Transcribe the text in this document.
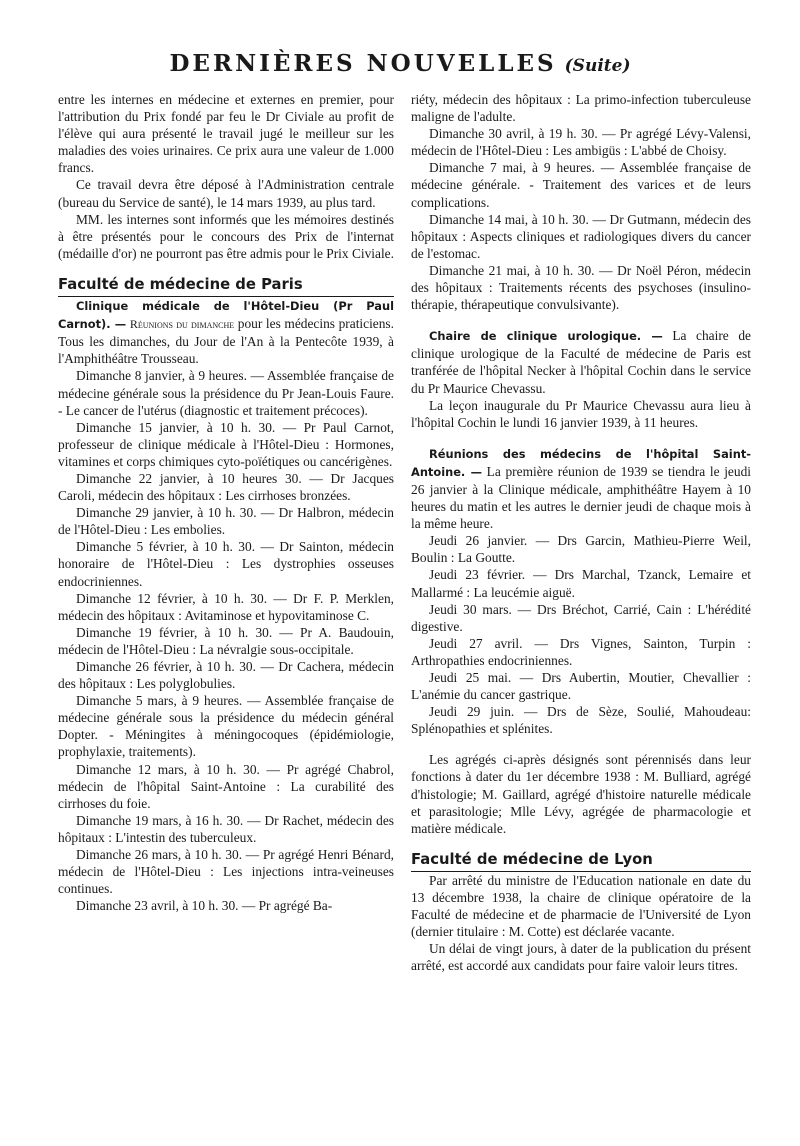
DERNIÈRES NOUVELLES (Suite)

entre les internes en médecine et externes en premier, pour l'attribution du Prix fondé par feu le Dr Civiale au profit de l'élève qui aura présenté le travail jugé le meilleur sur les maladies des voies urinaires. Ce prix aura une valeur de 1.000 francs.

Ce travail devra être déposé à l'Administration centrale (bureau du Service de santé), le 14 mars 1939, au plus tard.

MM. les internes sont informés que les mémoires destinés à être présentés pour le concours des Prix de l'internat (médaille d'or) ne pourront pas être admis pour le Prix Civiale.

Faculté de médecine de Paris

Clinique médicale de l'Hôtel-Dieu (Pr Paul Carnot). — Réunions du dimanche pour les médecins praticiens. Tous les dimanches, du Jour de l'An à la Pentecôte 1939, à l'Amphithéâtre Trousseau.

Dimanche 8 janvier, à 9 heures. — Assemblée française de médecine générale sous la présidence du Pr Jean-Louis Faure. - Le cancer de l'utérus (diagnostic et traitement précoces).

Dimanche 15 janvier, à 10 h. 30. — Pr Paul Carnot, professeur de clinique médicale à l'Hôtel-Dieu : Hormones, vitamines et corps chimiques cyto-poïétiques ou cancérigènes.

Dimanche 22 janvier, à 10 heures 30. — Dr Jacques Caroli, médecin des hôpitaux : Les cirrhoses bronzées.

Dimanche 29 janvier, à 10 h. 30. — Dr Halbron, médecin de l'Hôtel-Dieu : Les embolies.

Dimanche 5 février, à 10 h. 30. — Dr Sainton, médecin honoraire de l'Hôtel-Dieu : Les dystrophies osseuses endocriniennes.

Dimanche 12 février, à 10 h. 30. — Dr F. P. Merklen, médecin des hôpitaux : Avitaminose et hypovitaminose C.

Dimanche 19 février, à 10 h. 30. — Pr A. Baudouin, médecin de l'Hôtel-Dieu : La névralgie sous-occipitale.

Dimanche 26 février, à 10 h. 30. — Dr Cachera, médecin des hôpitaux : Les polyglobulies.

Dimanche 5 mars, à 9 heures. — Assemblée française de médecine générale sous la présidence du médecin général Dopter. - Méningites à méningocoques (épidémiologie, prophylaxie, traitements).

Dimanche 12 mars, à 10 h. 30. — Pr agrégé Chabrol, médecin de l'hôpital Saint-Antoine : La curabilité des cirrhoses du foie.

Dimanche 19 mars, à 16 h. 30. — Dr Rachet, médecin des hôpitaux : L'intestin des tuberculeux.

Dimanche 26 mars, à 10 h. 30. — Pr agrégé Henri Bénard, médecin de l'Hôtel-Dieu : Les injections intra-veineuses continues.

Dimanche 23 avril, à 10 h. 30. — Pr agrégé Ba-

riéty, médecin des hôpitaux : La primo-infection tuberculeuse maligne de l'adulte.

Dimanche 30 avril, à 19 h. 30. — Pr agrégé Lévy-Valensi, médecin de l'Hôtel-Dieu : Les ambigüs : L'abbé de Choisy.

Dimanche 7 mai, à 9 heures. — Assemblée française de médecine générale. - Traitement des varices et de leurs complications.

Dimanche 14 mai, à 10 h. 30. — Dr Gutmann, médecin des hôpitaux : Aspects cliniques et radiologiques divers du cancer de l'estomac.

Dimanche 21 mai, à 10 h. 30. — Dr Noël Péron, médecin des hôpitaux : Traitements récents des psychoses (insulino-thérapie, thérapeutique convulsivante).

Chaire de clinique urologique. — La chaire de clinique urologique de la Faculté de médecine de Paris est tranférée de l'hôpital Necker à l'hôpital Cochin dans le service du Pr Maurice Chevassu.

La leçon inaugurale du Pr Maurice Chevassu aura lieu à l'hôpital Cochin le lundi 16 janvier 1939, à 11 heures.

Réunions des médecins de l'hôpital Saint-Antoine. — La première réunion de 1939 se tiendra le jeudi 26 janvier à la Clinique médicale, amphithéâtre Hayem à 10 heures du matin et les autres le dernier jeudi de chaque mois à la même heure.

Jeudi 26 janvier. — Drs Garcin, Mathieu-Pierre Weil, Boulin : La Goutte.

Jeudi 23 février. — Drs Marchal, Tzanck, Lemaire et Mallarmé : La leucémie aiguë.

Jeudi 30 mars. — Drs Bréchot, Carrié, Cain : L'hérédité digestive.

Jeudi 27 avril. — Drs Vignes, Sainton, Turpin : Arthropathies endocriniennes.

Jeudi 25 mai. — Drs Aubertin, Moutier, Chevallier : L'anémie du cancer gastrique.

Jeudi 29 juin. — Drs de Sèze, Soulié, Mahoudeau: Splénopathies et splénites.

Les agrégés ci-après désignés sont pérennisés dans leur fonctions à dater du 1er décembre 1938 : M. Bulliard, agrégé d'histologie; M. Gaillard, agrégé d'histoire naturelle médicale et parasitologie; Mlle Lévy, agrégée de pharmacologie et matière médicale.

Faculté de médecine de Lyon

Par arrêté du ministre de l'Education nationale en date du 13 décembre 1938, la chaire de clinique opératoire de la Faculté de médecine et de pharmacie de l'Université de Lyon (dernier titulaire : M. Cotte) est déclarée vacante.

Un délai de vingt jours, à dater de la publication du présent arrêté, est accordé aux candidats pour faire valoir leurs titres.
